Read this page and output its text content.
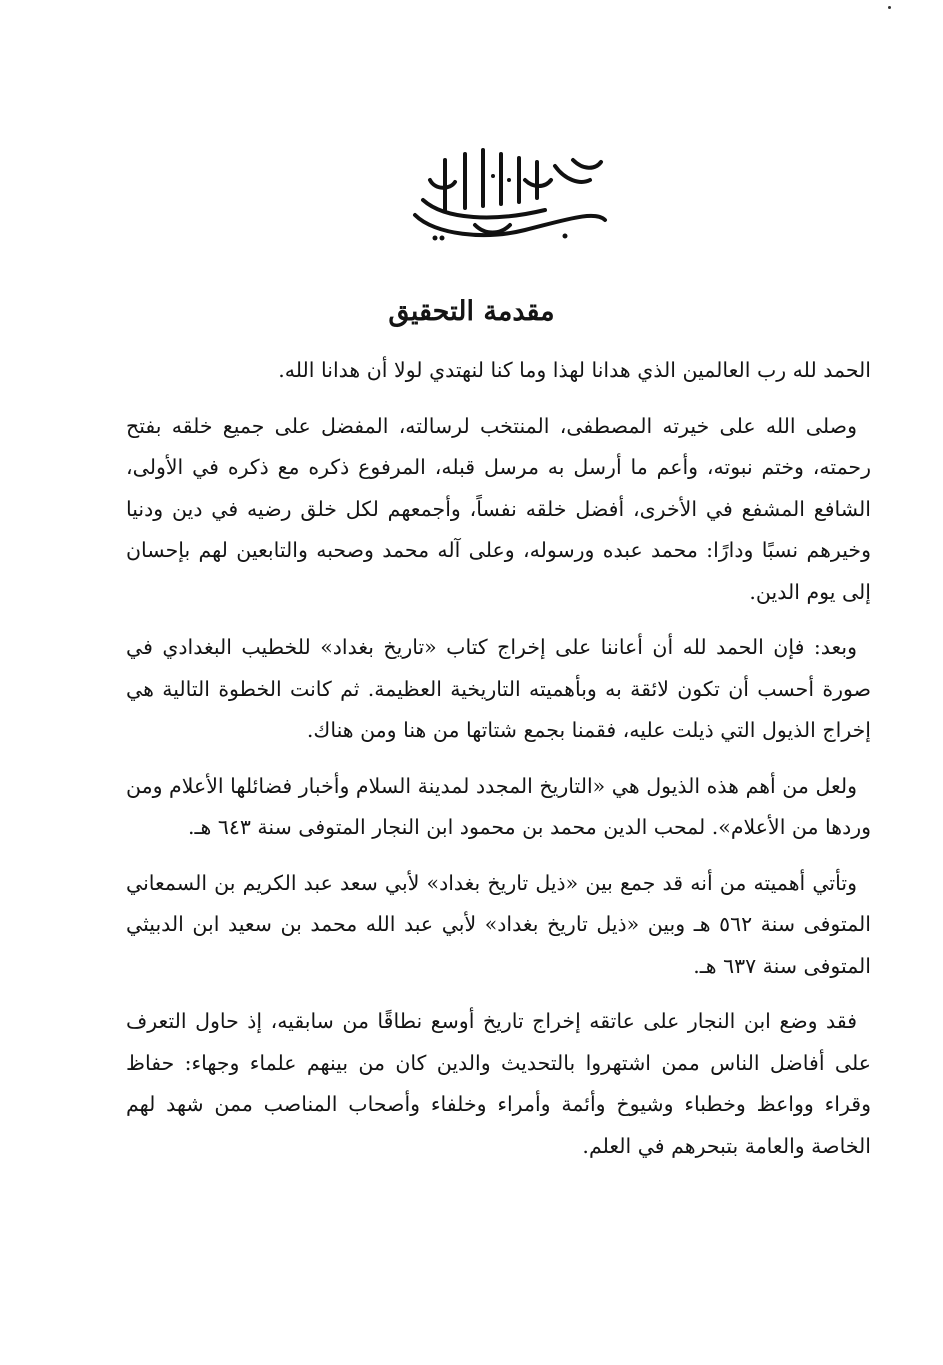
مقدمة التحقيق

الحمد لله رب العالمين الذي هدانا لهذا وما كنا لنهتدي لولا أن هدانا الله.

وصلى الله على خيرته المصطفى، المنتخب لرسالته، المفضل على جميع خلقه بفتح رحمته، وختم نبوته، وأعم ما أرسل به مرسل قبله، المرفوع ذكره مع ذكره في الأولى، الشافع المشفع في الأخرى، أفضل خلقه نفساً، وأجمعهم لكل خلق رضيه في دين ودنيا وخيرهم نسبًا ودارًا: محمد عبده ورسوله، وعلى آله محمد وصحبه والتابعين لهم بإحسان إلى يوم الدين.

وبعد: فإن الحمد لله أن أعاننا على إخراج كتاب «تاريخ بغداد» للخطيب البغدادي في صورة أحسب أن تكون لائقة به وبأهميته التاريخية العظيمة. ثم كانت الخطوة التالية هي إخراج الذيول التي ذيلت عليه، فقمنا بجمع شتاتها من هنا ومن هناك.

ولعل من أهم هذه الذيول هي «التاريخ المجدد لمدينة السلام وأخبار فضائلها الأعلام ومن وردها من الأعلام». لمحب الدين محمد بن محمود ابن النجار المتوفى سنة ٦٤٣ هـ.

وتأتي أهميته من أنه قد جمع بين «ذيل تاريخ بغداد» لأبي سعد عبد الكريم بن السمعاني المتوفى سنة ٥٦٢ هـ وبين «ذيل تاريخ بغداد» لأبي عبد الله محمد بن سعيد ابن الدبيثي المتوفى سنة ٦٣٧ هـ.

فقد وضع ابن النجار على عاتقه إخراج تاريخ أوسع نطاقًا من سابقيه، إذ حاول التعرف على أفاضل الناس ممن اشتهروا بالتحديث والدين كان من بينهم علماء وجهاء: حفاظ وقراء وواعظ وخطباء وشيوخ وأئمة وأمراء وخلفاء وأصحاب المناصب ممن شهد لهم الخاصة والعامة بتبحرهم في العلم.
